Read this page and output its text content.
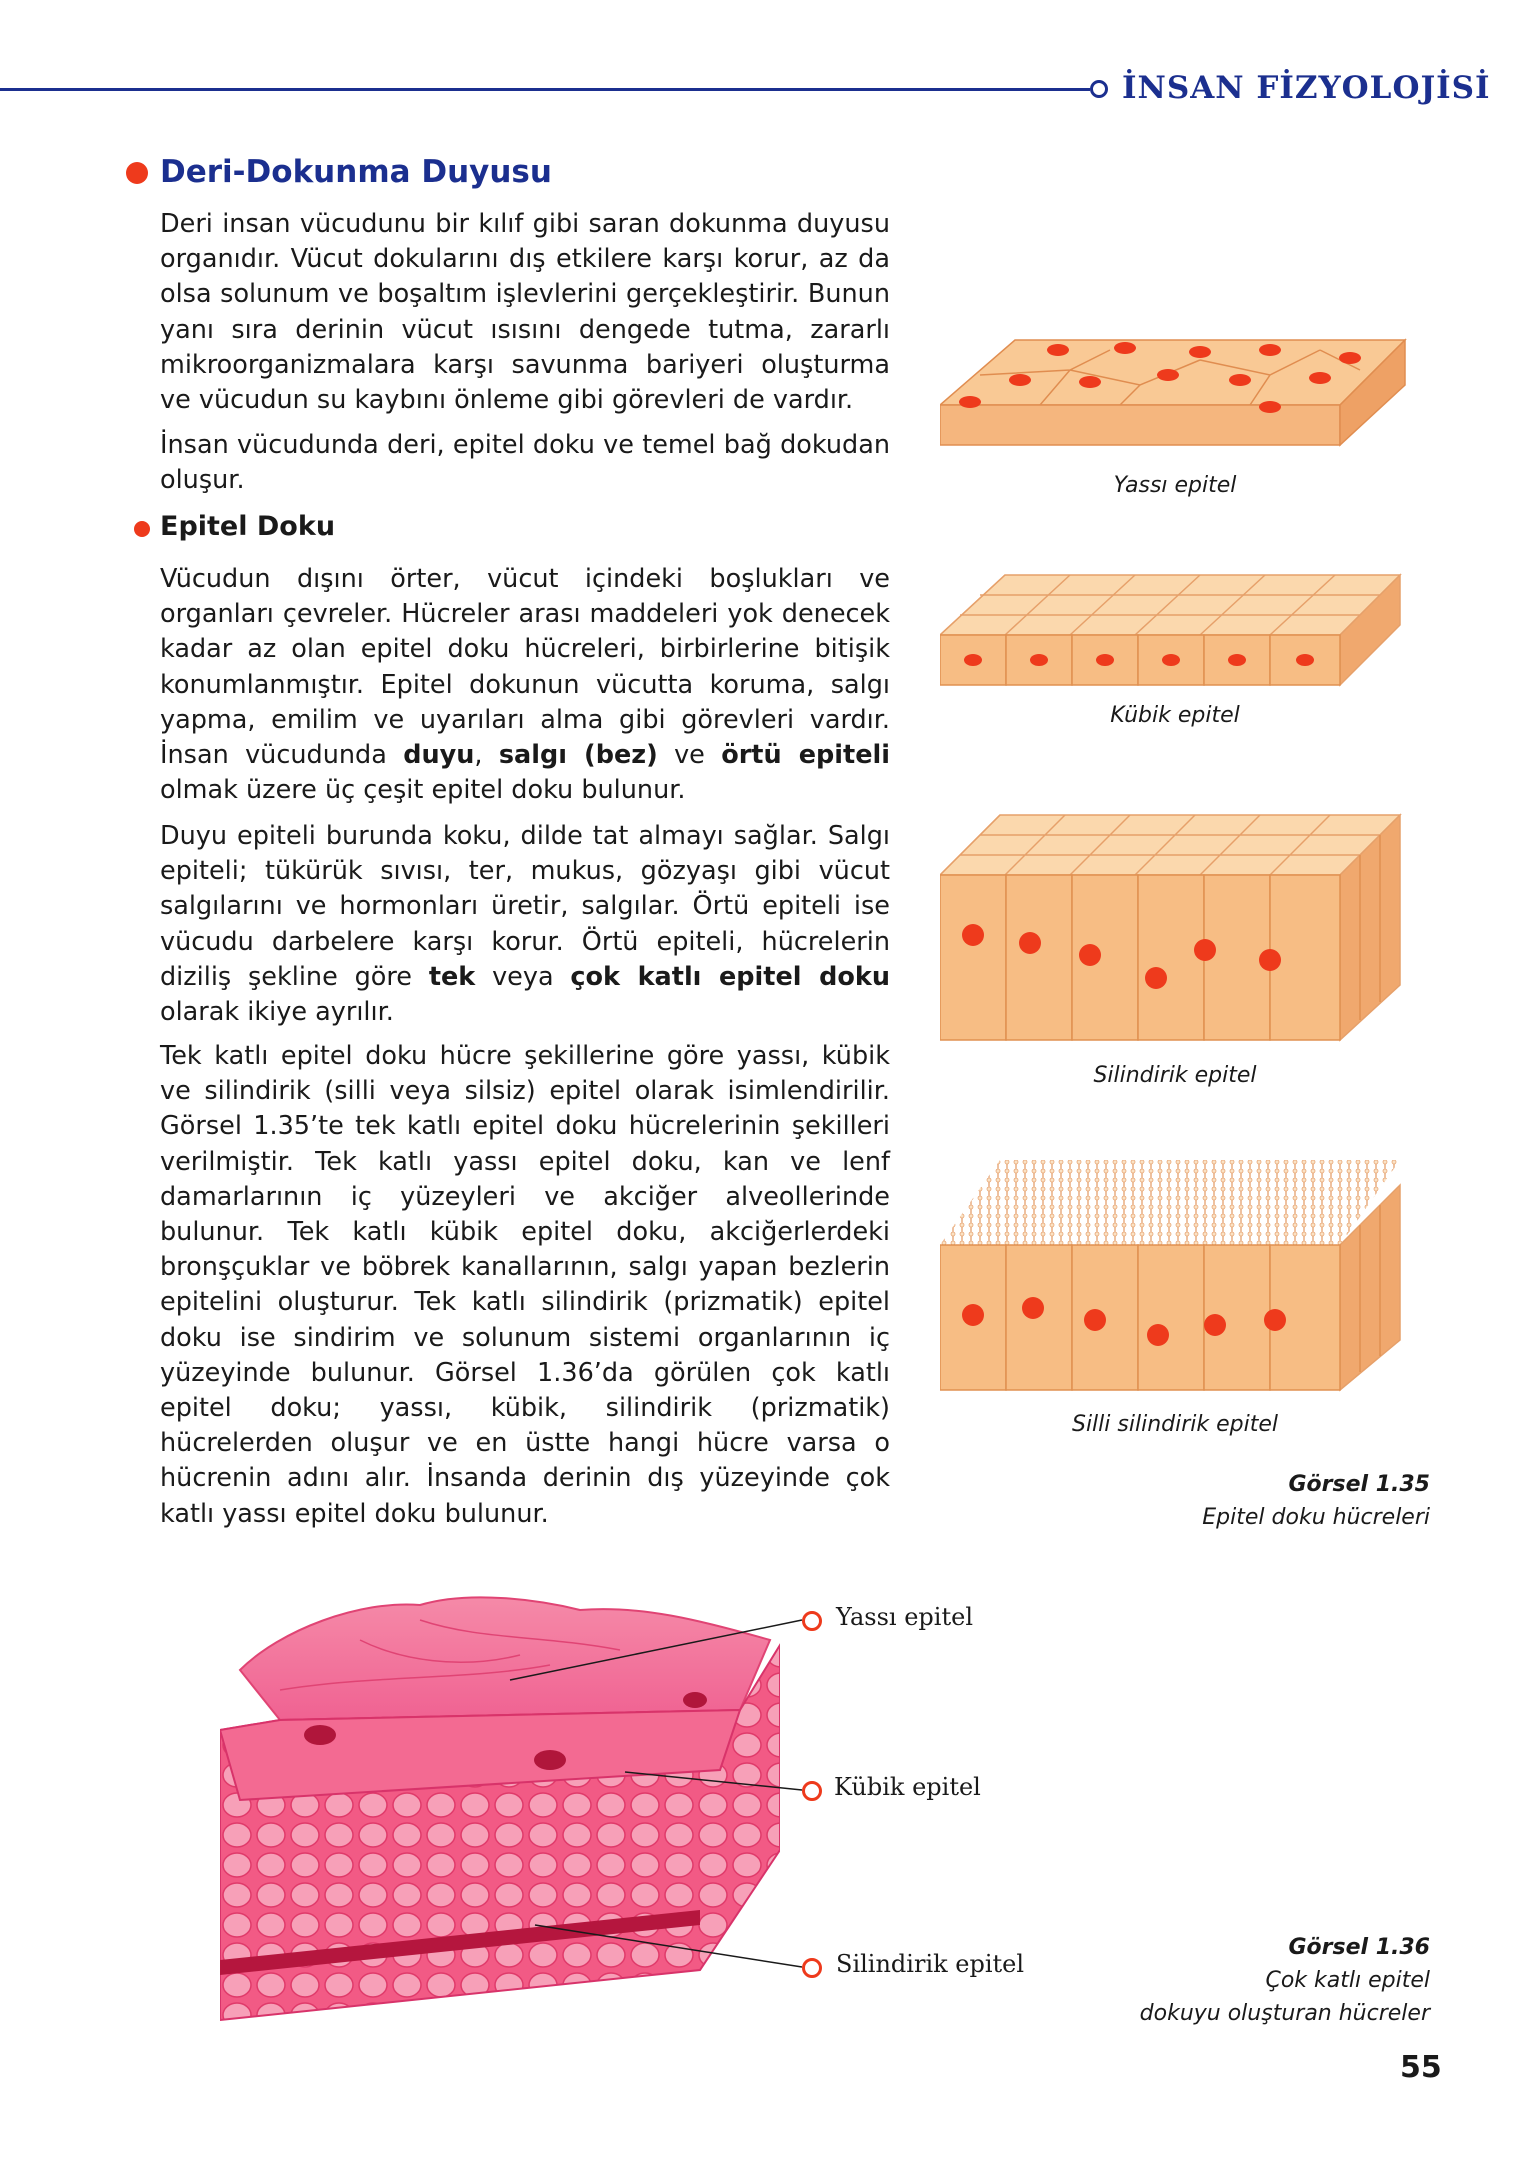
İNSAN FİZYOLOJİSİ
Deri-Dokunma Duyusu
Deri insan vücudunu bir kılıf gibi saran dokunma duyusu organıdır. Vücut dokularını dış etkilere karşı korur, az da olsa solunum ve boşaltım işlevlerini gerçekleştirir. Bunun yanı sıra derinin vücut ısısını dengede tutma, zararlı mikroorganizmalara karşı savunma bariyeri oluşturma ve vücudun su kaybını önleme gibi görevleri de vardır.
İnsan vücudunda deri, epitel doku ve temel bağ dokudan oluşur.
Epitel Doku
Vücudun dışını örter, vücut içindeki boşlukları ve organları çevreler. Hücreler arası maddeleri yok denecek kadar az olan epitel doku hücreleri, birbirlerine bitişik konumlanmıştır. Epitel dokunun vücutta koruma, salgı yapma, emilim ve uyarıları alma gibi görevleri vardır. İnsan vücudunda duyu, salgı (bez) ve örtü epiteli olmak üzere üç çeşit epitel doku bulunur.
Duyu epiteli burunda koku, dilde tat almayı sağlar. Salgı epiteli; tükürük sıvısı, ter, mukus, gözyaşı gibi vücut salgılarını ve hormonları üretir, salgılar. Örtü epiteli ise vücudu darbelere karşı korur. Örtü epiteli, hücrelerin diziliş şekline göre tek veya çok katlı epitel doku olarak ikiye ayrılır.
Tek katlı epitel doku hücre şekillerine göre yassı, kübik ve silindirik (silli veya silsiz) epitel olarak isimlendirilir. Görsel 1.35’te tek katlı epitel doku hücrelerinin şekilleri verilmiştir. Tek katlı yassı epitel doku, kan ve lenf damarlarının iç yüzeyleri ve akciğer alveollerinde bulunur. Tek katlı kübik epitel doku, akciğerlerdeki bronşçuklar ve böbrek kanallarının, salgı yapan bezlerin epitelini oluşturur. Tek katlı silindirik (prizmatik) epitel doku ise sindirim ve solunum sistemi organlarının iç yüzeyinde bulunur. Görsel 1.36’da görülen çok katlı epitel doku; yassı, kübik, silindirik (prizmatik) hücrelerden oluşur ve en üstte hangi hücre varsa o hücrenin adını alır. İnsanda derinin dış yüzeyinde çok katlı yassı epitel doku bulunur.
Yassı epitel
Kübik epitel
Silindirik epitel
Silli silindirik epitel
Görsel 1.35
Epitel doku hücreleri
Yassı epitel
Kübik epitel
Silindirik epitel
Görsel 1.36
Çok katlı epitel
dokuyu oluşturan hücreler
55
